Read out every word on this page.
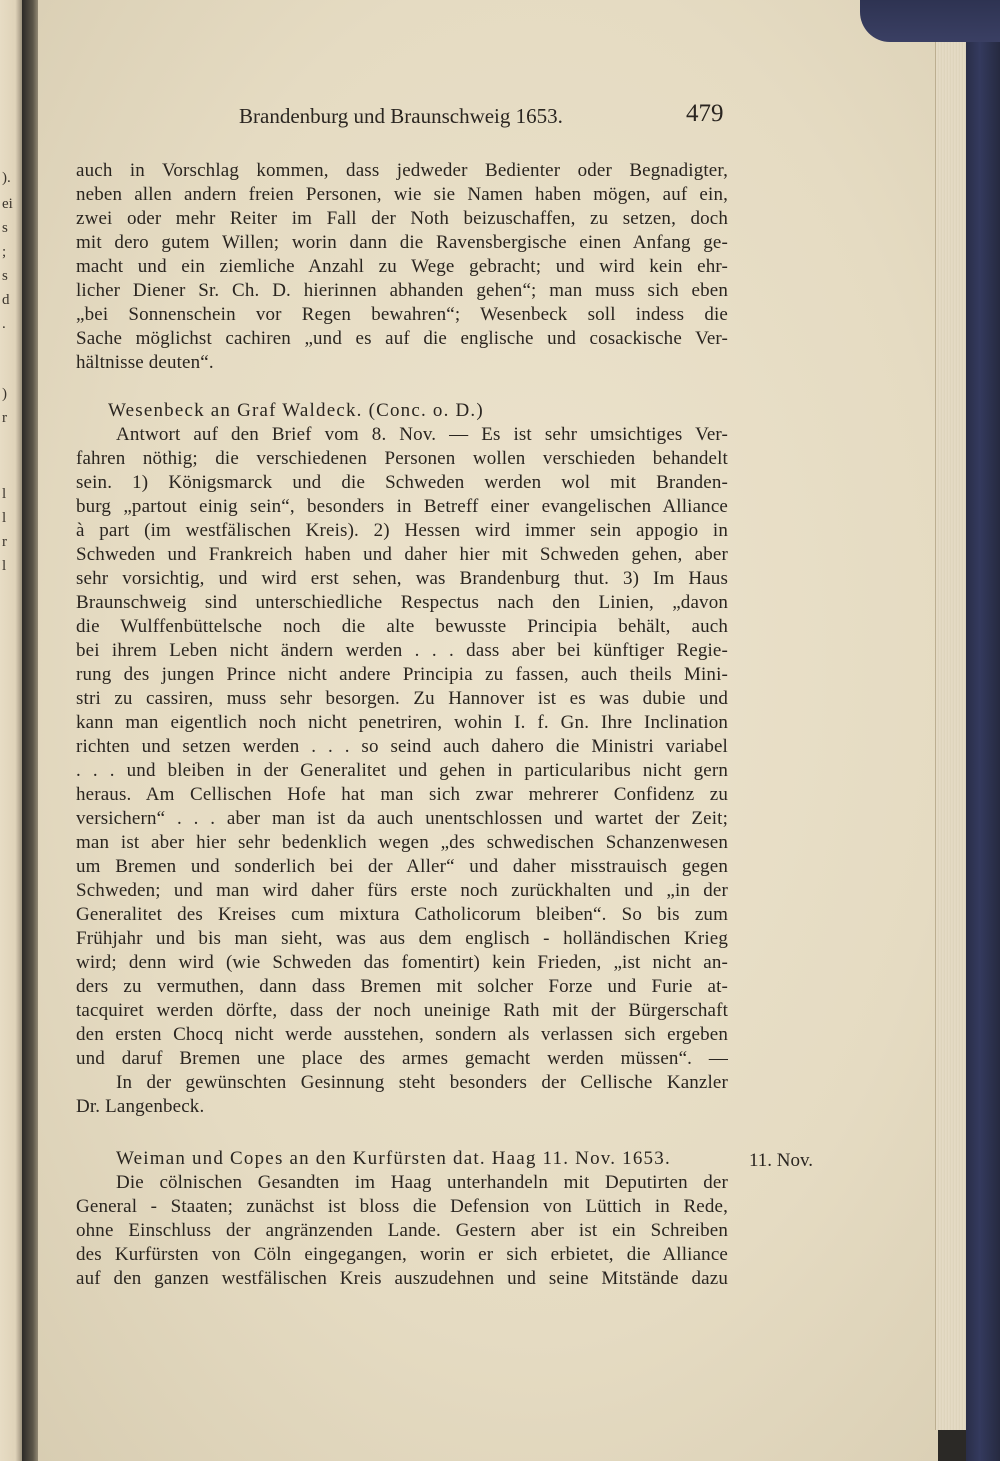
).
ei
s
;
s
d
.
)
r
l
l
r
l
Brandenburg und Braunschweig 1653.	479
auch in Vorschlag kommen, dass jedweder Bedienter oder Begnadigter,
neben allen andern freien Personen, wie sie Namen haben mögen, auf ein,
zwei oder mehr Reiter im Fall der Noth beizuschaffen, zu setzen, doch
mit dero gutem Willen; worin dann die Ravensbergische einen Anfang ge-
macht und ein ziemliche Anzahl zu Wege gebracht; und wird kein ehr-
licher Diener Sr. Ch. D. hierinnen abhanden gehen“; man muss sich eben
„bei Sonnenschein vor Regen bewahren“; Wesenbeck soll indess die
Sache möglichst cachiren „und es auf die englische und cosackische Ver-
hältnisse deuten“.
Wesenbeck an Graf Waldeck. (Conc. o. D.)
Antwort auf den Brief vom 8. Nov. — Es ist sehr umsichtiges Ver-
fahren nöthig; die verschiedenen Personen wollen verschieden behandelt
sein. 1) Königsmarck und die Schweden werden wol mit Branden-
burg „partout einig sein“, besonders in Betreff einer evangelischen Alliance
à part (im westfälischen Kreis). 2) Hessen wird immer sein appogio in
Schweden und Frankreich haben und daher hier mit Schweden gehen, aber
sehr vorsichtig, und wird erst sehen, was Brandenburg thut. 3) Im Haus
Braunschweig sind unterschiedliche Respectus nach den Linien, „davon
die Wulffenbüttelsche noch die alte bewusste Principia behält, auch
bei ihrem Leben nicht ändern werden . . . dass aber bei künftiger Regie-
rung des jungen Prince nicht andere Principia zu fassen, auch theils Mini-
stri zu cassiren, muss sehr besorgen. Zu Hannover ist es was dubie und
kann man eigentlich noch nicht penetriren, wohin I. f. Gn. Ihre Inclination
richten und setzen werden . . . so seind auch dahero die Ministri variabel
. . . und bleiben in der Generalitet und gehen in particularibus nicht gern
heraus. Am Cellischen Hofe hat man sich zwar mehrerer Confidenz zu
versichern“ . . . aber man ist da auch unentschlossen und wartet der Zeit;
man ist aber hier sehr bedenklich wegen „des schwedischen Schanzenwesen
um Bremen und sonderlich bei der Aller“ und daher misstrauisch gegen
Schweden; und man wird daher fürs erste noch zurückhalten und „in der
Generalitet des Kreises cum mixtura Catholicorum bleiben“. So bis zum
Frühjahr und bis man sieht, was aus dem englisch - holländischen Krieg
wird; denn wird (wie Schweden das fomentirt) kein Frieden, „ist nicht an-
ders zu vermuthen, dann dass Bremen mit solcher Forze und Furie at-
tacquiret werden dörfte, dass der noch uneinige Rath mit der Bürgerschaft
den ersten Chocq nicht werde ausstehen, sondern als verlassen sich ergeben
und daruf Bremen une place des armes gemacht werden müssen“. —
In der gewünschten Gesinnung steht besonders der Cellische Kanzler
Dr. Langenbeck.
Weiman und Copes an den Kurfürsten dat. Haag 11. Nov. 1653.
Die cölnischen Gesandten im Haag unterhandeln mit Deputirten der
General - Staaten; zunächst ist bloss die Defension von Lüttich in Rede,
ohne Einschluss der angränzenden Lande. Gestern aber ist ein Schreiben
des Kurfürsten von Cöln eingegangen, worin er sich erbietet, die Alliance
auf den ganzen westfälischen Kreis auszudehnen und seine Mitstände dazu
11. Nov.
